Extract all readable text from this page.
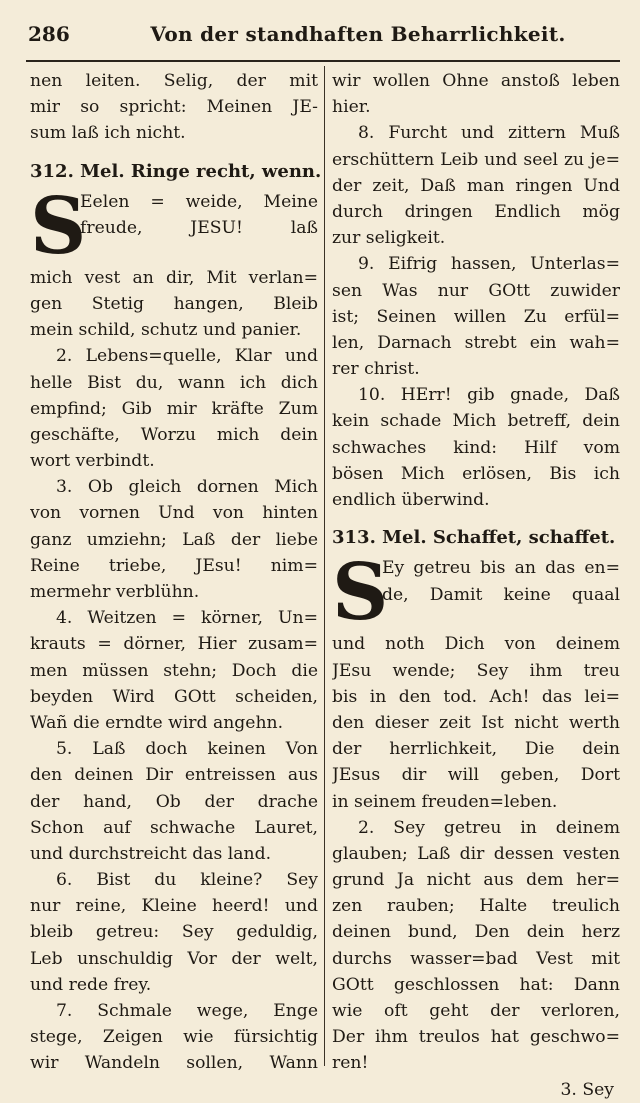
286	Von der standhaften Beharrlichkeit.
nen leiten. Selig, der mit
mir so spricht: Meinen JE-
sum laß ich nicht.
312. Mel. Ringe recht, wenn.
S
Eelen = weide, Meine
freude, JESU! laß
mich vest an dir, Mit verlan=
gen Stetig hangen, Bleib
mein schild, schutz und panier.
2. Lebens=quelle, Klar und
helle Bist du, wann ich dich
empfind; Gib mir kräfte Zum
geschäfte, Worzu mich dein
wort verbindt.
3. Ob gleich dornen Mich
von vornen Und von hinten
ganz umziehn; Laß der liebe
Reine triebe, JEsu! nim=
mermehr verblühn.
4. Weitzen = körner, Un=
krauts = dörner, Hier zusam=
men müssen stehn; Doch die
beyden Wird GOtt scheiden,
Wañ die erndte wird angehn.
5. Laß doch keinen Von
den deinen Dir entreissen aus
der hand, Ob der drache
Schon auf schwache Lauret,
und durchstreicht das land.
6. Bist du kleine? Sey
nur reine, Kleine heerd! und
bleib getreu: Sey geduldig,
Leb unschuldig Vor der welt,
und rede frey.
7. Schmale wege, Enge
stege, Zeigen wie fürsichtig
wir Wandeln sollen, Wann
wir wollen Ohne anstoß leben
hier.
8. Furcht und zittern Muß
erschüttern Leib und seel zu je=
der zeit, Daß man ringen Und
durch dringen Endlich mög
zur seligkeit.
9. Eifrig hassen, Unterlas=
sen Was nur GOtt zuwider
ist; Seinen willen Zu erfül=
len, Darnach strebt ein wah=
rer christ.
10. HErr! gib gnade, Daß
kein schade Mich betreff, dein
schwaches kind: Hilf vom
bösen Mich erlösen, Bis ich
endlich überwind.
313. Mel. Schaffet, schaffet.
S
Ey getreu bis an das en=
de, Damit keine quaal
und noth Dich von deinem
JEsu wende; Sey ihm treu
bis in den tod. Ach! das lei=
den dieser zeit Ist nicht werth
der herrlichkeit, Die dein
JEsus dir will geben, Dort
in seinem freuden=leben.
2. Sey getreu in deinem
glauben; Laß dir dessen vesten
grund Ja nicht aus dem her=
zen rauben; Halte treulich
deinen bund, Den dein herz
durchs wasser=bad Vest mit
GOtt geschlossen hat: Dann
wie oft geht der verloren,
Der ihm treulos hat geschwo=
ren!
3. Sey
